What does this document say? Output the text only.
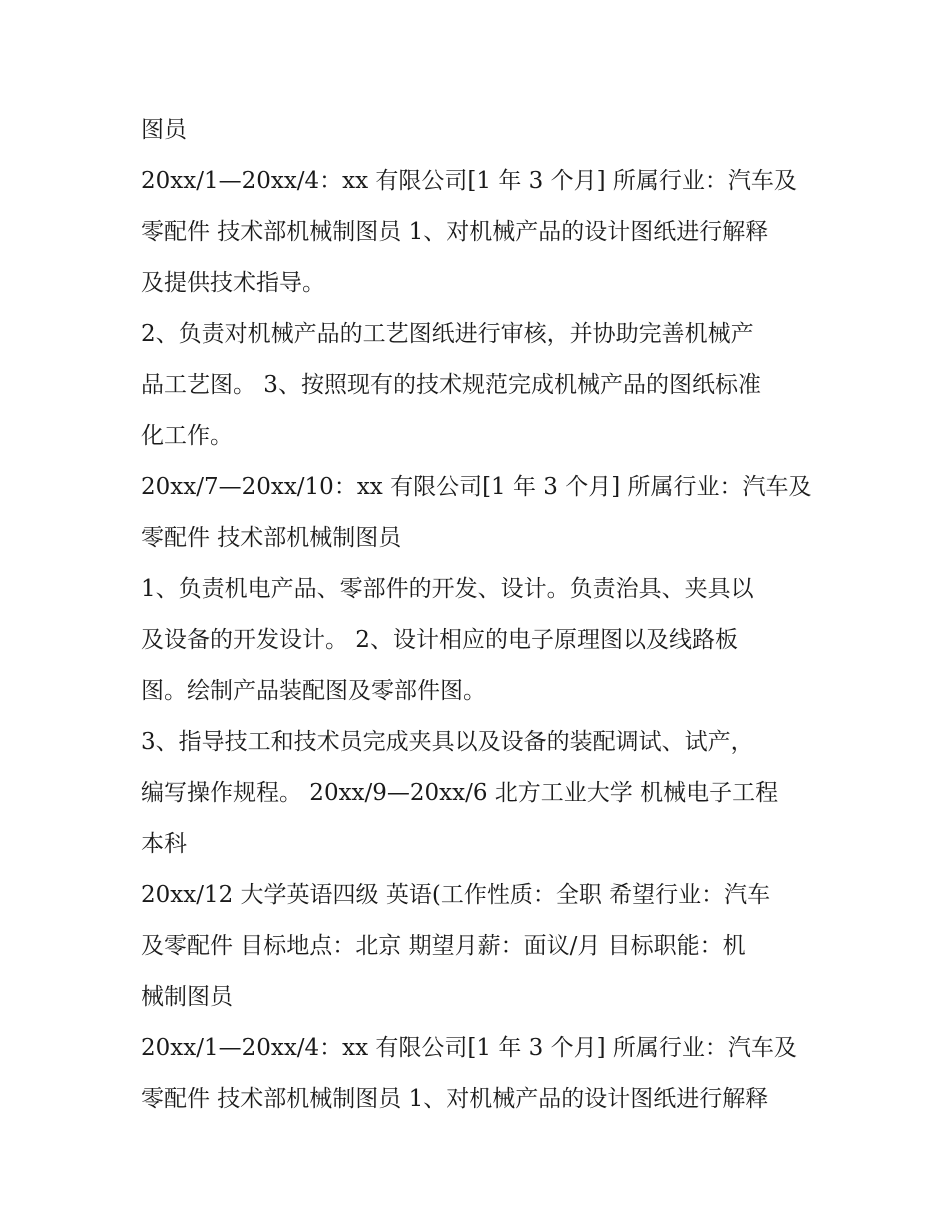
图员
20xx/1—20xx/4：xx 有限公司[1 年 3 个月] 所属行业：汽车及
零配件 技术部机械制图员 1、对机械产品的设计图纸进行解释
及提供技术指导。
2、负责对机械产品的工艺图纸进行审核，并协助完善机械产
品工艺图。 3、按照现有的技术规范完成机械产品的图纸标准
化工作。
20xx/7—20xx/10：xx 有限公司[1 年 3 个月] 所属行业：汽车及
零配件 技术部机械制图员
1、负责机电产品、零部件的开发、设计。负责治具、夹具以
及设备的开发设计。 2、设计相应的电子原理图以及线路板
图。绘制产品装配图及零部件图。
3、指导技工和技术员完成夹具以及设备的装配调试、试产，
编写操作规程。 20xx/9—20xx/6 北方工业大学 机械电子工程
本科
20xx/12 大学英语四级 英语(工作性质：全职 希望行业：汽车
及零配件 目标地点：北京 期望月薪：面议/月 目标职能：机
械制图员
20xx/1—20xx/4：xx 有限公司[1 年 3 个月] 所属行业：汽车及
零配件 技术部机械制图员 1、对机械产品的设计图纸进行解释
